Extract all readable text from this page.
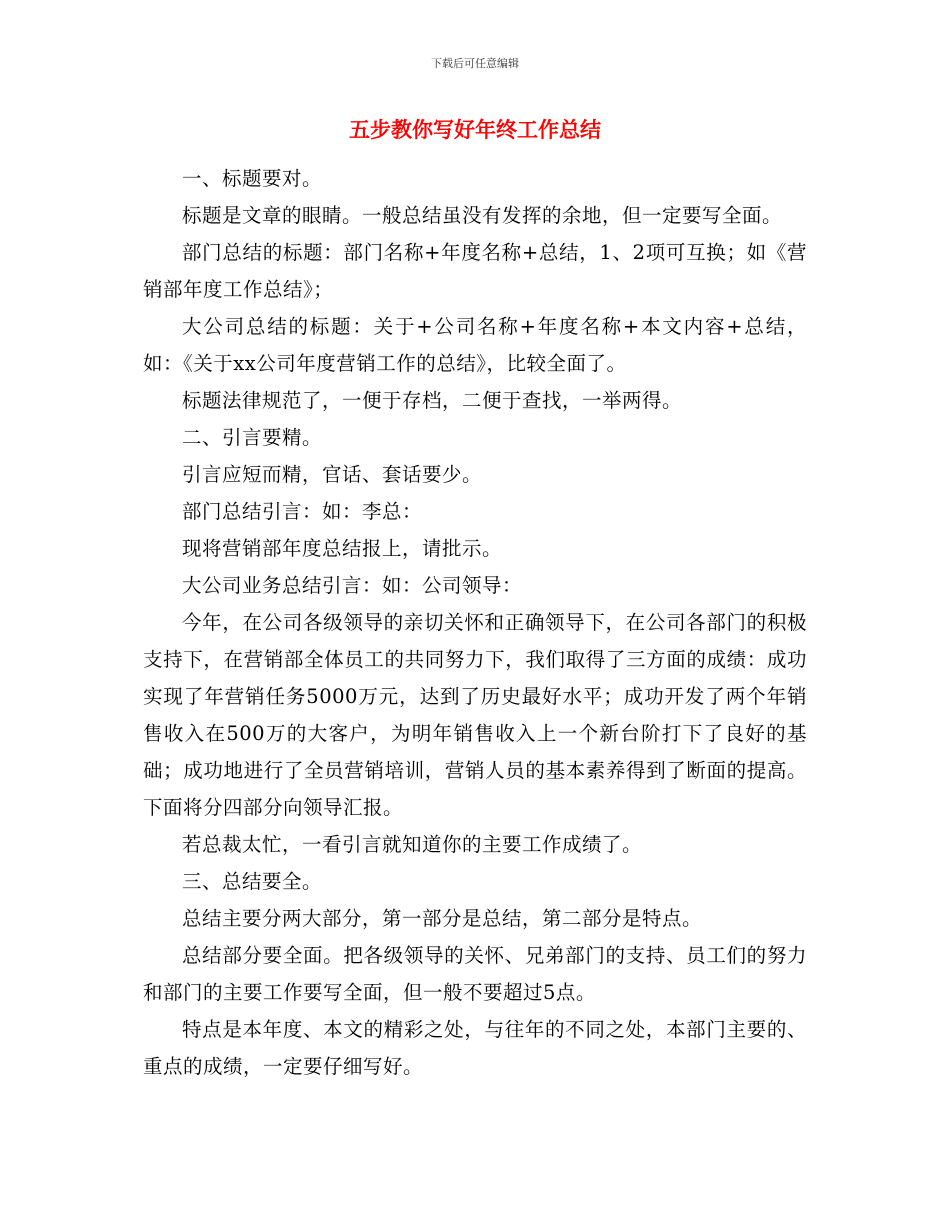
下载后可任意编辑
五步教你写好年终工作总结

一、标题要对。

标题是文章的眼睛。一般总结虽没有发挥的余地，但一定要写全面。

部门总结的标题：部门名称+年度名称+总结，1、2项可互换；如《营销部年度工作总结》；

大公司总结的标题：关于+公司名称+年度名称+本文内容+总结，如：《关于xx公司年度营销工作的总结》，比较全面了。

标题法律规范了，一便于存档，二便于查找，一举两得。

二、引言要精。

引言应短而精，官话、套话要少。

部门总结引言：如：李总：

现将营销部年度总结报上，请批示。

大公司业务总结引言：如：公司领导：

今年，在公司各级领导的亲切关怀和正确领导下，在公司各部门的积极支持下，在营销部全体员工的共同努力下，我们取得了三方面的成绩：成功实现了年营销任务5000万元，达到了历史最好水平；成功开发了两个年销售收入在500万的大客户，为明年销售收入上一个新台阶打下了良好的基础；成功地进行了全员营销培训，营销人员的基本素养得到了断面的提高。下面将分四部分向领导汇报。

若总裁太忙，一看引言就知道你的主要工作成绩了。

三、总结要全。

总结主要分两大部分，第一部分是总结，第二部分是特点。

总结部分要全面。把各级领导的关怀、兄弟部门的支持、员工们的努力和部门的主要工作要写全面，但一般不要超过5点。

特点是本年度、本文的精彩之处，与往年的不同之处，本部门主要的、重点的成绩，一定要仔细写好。
